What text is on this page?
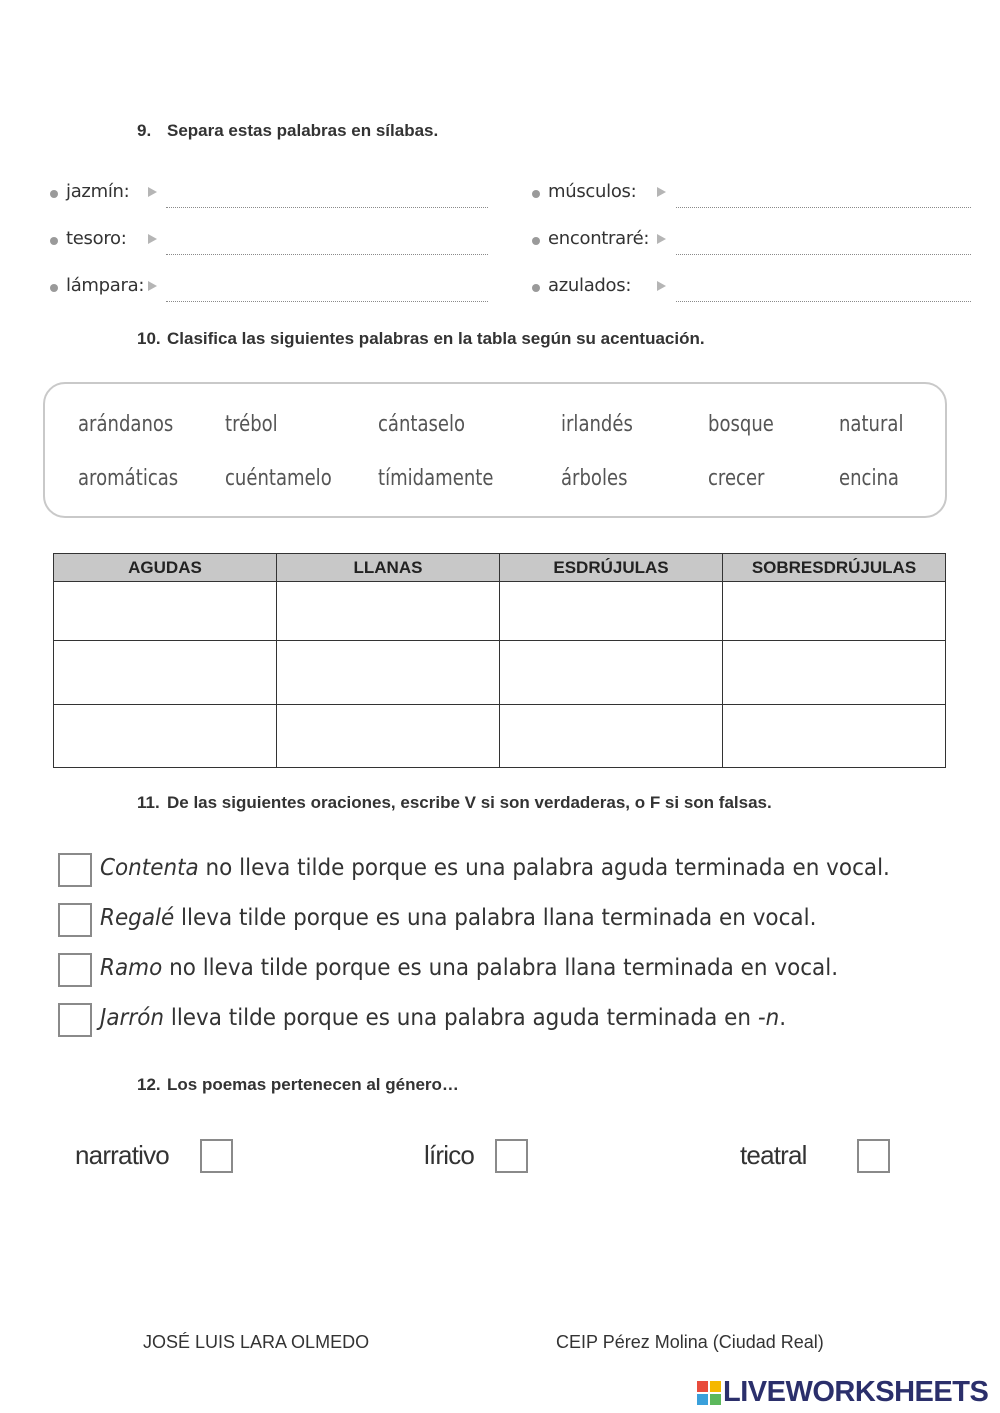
9. Separa estas palabras en sílabas.
jazmín:	músculos:
tesoro:	encontraré:
lámpara:	azulados:
10. Clasifica las siguientes palabras en la tabla según su acentuación.
arándanos trébol	cántaselo	irlandés	bosque	natural
aromáticas cuéntamelo tímidamente	árboles	crecer	encina
AGUDAS	LLANAS	ESDRÚJULAS	SOBRESDRÚJULAS

11. De las siguientes oraciones, escribe V si son verdaderas, o F si son falsas.
Contenta no lleva tilde porque es una palabra aguda terminada en vocal.
Regalé lleva tilde porque es una palabra llana terminada en vocal.
Ramo no lleva tilde porque es una palabra llana terminada en vocal.
Jarrón lleva tilde porque es una palabra aguda terminada en -n.
12. Los poemas pertenecen al género…
narrativo	lírico	teatral
JOSÉ LUIS LARA OLMEDO	CEIP Pérez Molina (Ciudad Real)
LIVEWORKSHEETS
